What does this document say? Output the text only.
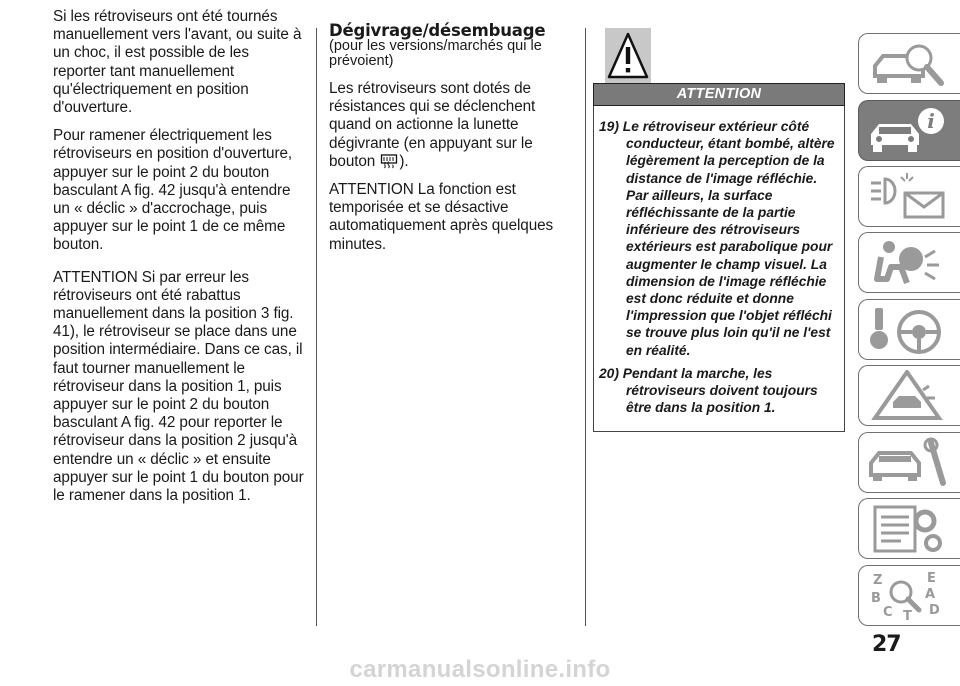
Si les rétroviseurs ont été tournés manuellement vers l'avant, ou suite à un choc, il est possible de les reporter tant manuellement qu'électriquement en position d'ouverture.

Pour ramener électriquement les rétroviseurs en position d'ouverture, appuyer sur le point 2 du bouton basculant A fig. 42 jusqu'à entendre un « déclic » d'accrochage, puis appuyer sur le point 1 de ce même bouton.

ATTENTION Si par erreur les rétroviseurs ont été rabattus manuellement dans la position 3 fig. 41), le rétroviseur se place dans une position intermédiaire. Dans ce cas, il faut tourner manuellement le rétroviseur dans la position 1, puis appuyer sur le point 2 du bouton basculant A fig. 42 pour reporter le rétroviseur dans la position 2 jusqu'à entendre un « déclic » et ensuite appuyer sur le point 1 du bouton pour le ramener dans la position 1.

Dégivrage/désembuage
(pour les versions/marchés qui le prévoient)

Les rétroviseurs sont dotés de résistances qui se déclenchent quand on actionne la lunette dégivrante (en appuyant sur le bouton ).

ATTENTION La fonction est temporisée et se désactive automatiquement après quelques minutes.

ATTENTION

19) Le rétroviseur extérieur côté conducteur, étant bombé, altère légèrement la perception de la distance de l'image réfléchie. Par ailleurs, la surface réfléchissante de la partie inférieure des rétroviseurs extérieurs est parabolique pour augmenter le champ visuel. La dimension de l'image réfléchie est donc réduite et donne l'impression que l'objet réfléchi se trouve plus loin qu'il ne l'est en réalité.

20) Pendant la marche, les rétroviseurs doivent toujours être dans la position 1.

i
Z	E
A
B
C T D
27
carmanualsonline.info
